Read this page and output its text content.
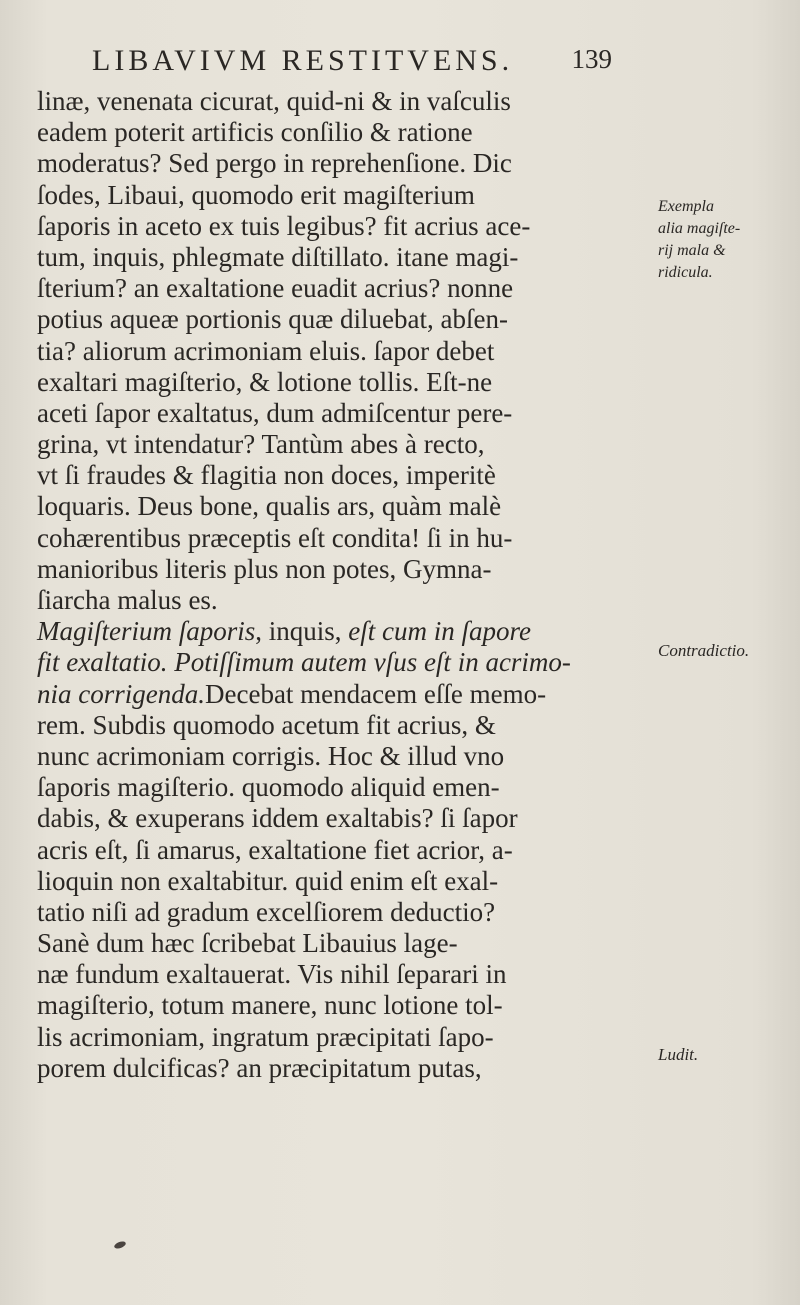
LIBAVIVM RESTITVENS. 139
linæ, venenata cicurat, quid-ni & in vaſculis
eadem poterit artificis conſilio & ratione
moderatus? Sed pergo in reprehenſione. Dic
ſodes, Libaui, quomodo erit magiſterium
ſaporis in aceto ex tuis legibus? fit acrius ace-
tum, inquis, phlegmate diſtillato. itane magi-
ſterium? an exaltatione euadit acrius? nonne
potius aqueæ portionis quæ diluebat, abſen-
tia? aliorum acrimoniam eluis. ſapor debet
exaltari magiſterio, & lotione tollis. Eſt-ne
aceti ſapor exaltatus, dum admiſcentur pere-
grina, vt intendatur? Tantùm abes à recto,
vt ſi fraudes & flagitia non doces, imperitè
loquaris. Deus bone, qualis ars, quàm malè
cohærentibus præceptis eſt condita! ſi in hu-
manioribus literis plus non potes, Gymna-
ſiarcha malus es.
Magiſterium ſaporis, inquis, eſt cum in ſapore
fit exaltatio. Potiſſimum autem vſus eſt in acrimo-
nia corrigenda.Decebat mendacem eſſe memo-
rem. Subdis quomodo acetum fit acrius, &
nunc acrimoniam corrigis. Hoc & illud vno
ſaporis magiſterio. quomodo aliquid emen-
dabis, & exuperans iddem exaltabis? ſi ſapor
acris eſt, ſi amarus, exaltatione fiet acrior, a-
lioquin non exaltabitur. quid enim eſt exal-
tatio niſi ad gradum excelſiorem deductio?
Sanè dum hæc ſcribebat Libauius lage-
næ fundum exaltauerat. Vis nihil ſeparari in
magiſterio, totum manere, nunc lotione tol-
lis acrimoniam, ingratum præcipitati ſapo-
porem dulcificas? an præcipitatum putas,
Exempla
alia magiſte-
rij mala &
ridicula.
Contradictio.
Ludit.
